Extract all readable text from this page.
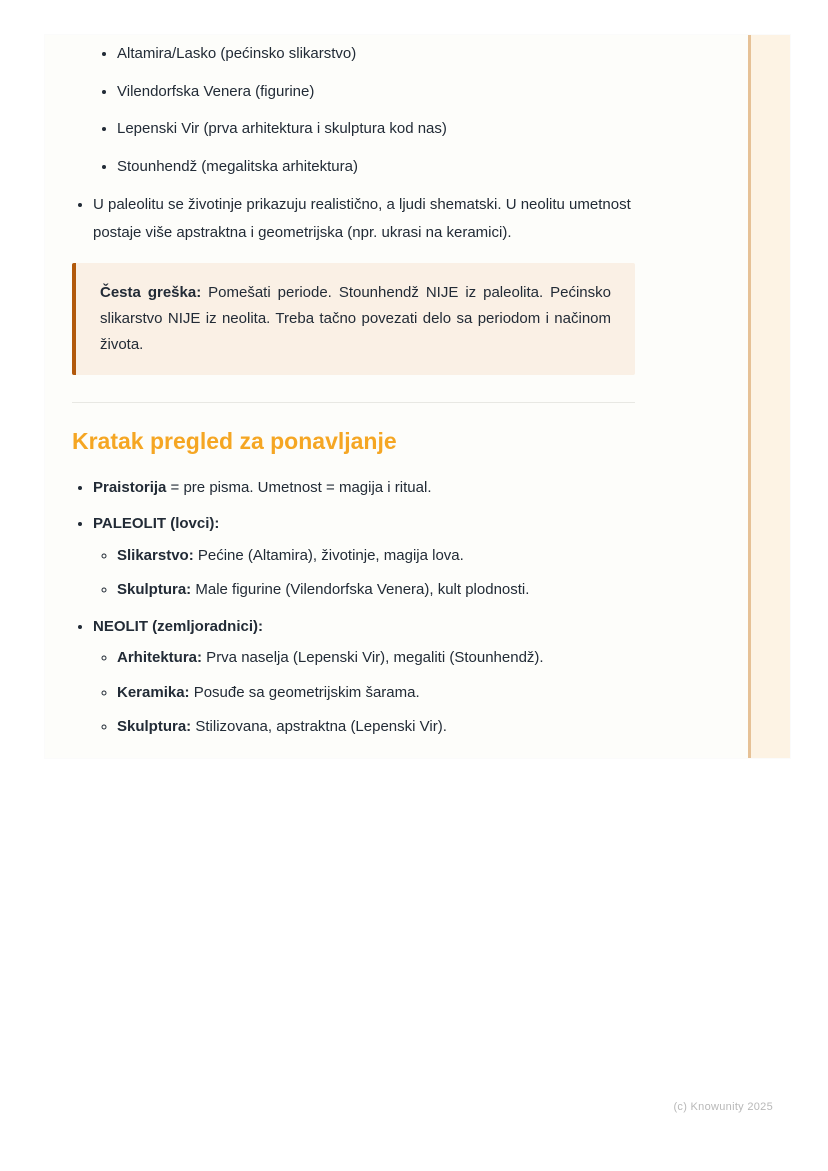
• Altamira/Lasko (pećinsko slikarstvo)
• Vilendorfska Venera (figurine)
• Lepenski Vir (prva arhitektura i skulptura kod nas)
• Stounhendž (megalitska arhitektura)
• U paleolitu se životinje prikazuju realistično, a ljudi shematski. U neolitu umetnost postaje više apstraktna i geometrijska (npr. ukrasi na keramici).

Česta greška: Pomešati periode. Stounhendž NIJE iz paleolita. Pećinsko slikarstvo NIJE iz neolita. Treba tačno povezati delo sa periodom i načinom života.

Kratak pregled za ponavljanje
• Praistorija = pre pisma. Umetnost = magija i ritual.
• PALEOLIT (lovci):
◦ Slikarstvo: Pećine (Altamira), životinje, magija lova.
◦ Skulptura: Male figurine (Vilendorfska Venera), kult plodnosti.
• NEOLIT (zemljoradnici):
◦ Arhitektura: Prva naselja (Lepenski Vir), megaliti (Stounhendž).
◦ Keramika: Posuđe sa geometrijskim šarama.
◦ Skulptura: Stilizovana, apstraktna (Lepenski Vir).
(c) Knowunity 2025
